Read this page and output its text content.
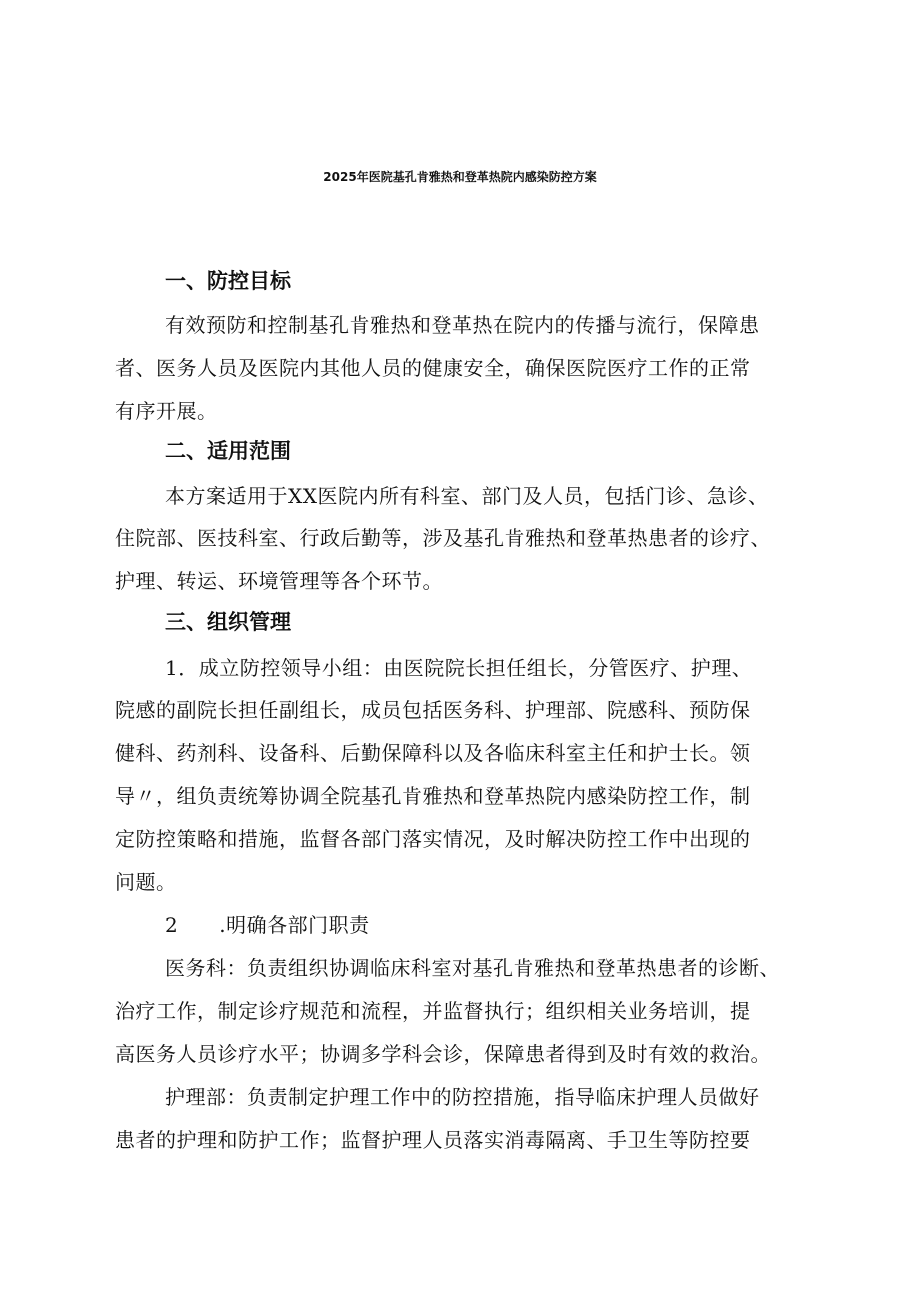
2025年医院基孔肯雅热和登革热院内感染防控方案
一、防控目标
有效预防和控制基孔肯雅热和登革热在院内的传播与流行，保障患
者、医务人员及医院内其他人员的健康安全，确保医院医疗工作的正常
有序开展。
二、适用范围
本方案适用于XX医院内所有科室、部门及人员，包括门诊、急诊、
住院部、医技科室、行政后勤等，涉及基孔肯雅热和登革热患者的诊疗、
护理、转运、环境管理等各个环节。
三、组织管理
1．成立防控领导小组：由医院院长担任组长，分管医疗、护理、
院感的副院长担任副组长，成员包括医务科、护理部、院感科、预防保
健科、药剂科、设备科、后勤保障科以及各临床科室主任和护士长。领
导〃，组负责统筹协调全院基孔肯雅热和登革热院内感染防控工作，制
定防控策略和措施，监督各部门落实情况，及时解决防控工作中出现的
问题。
2　　.明确各部门职责
医务科：负责组织协调临床科室对基孔肯雅热和登革热患者的诊断、
治疗工作，制定诊疗规范和流程，并监督执行；组织相关业务培训，提
高医务人员诊疗水平；协调多学科会诊，保障患者得到及时有效的救治。
护理部：负责制定护理工作中的防控措施，指导临床护理人员做好
患者的护理和防护工作；监督护理人员落实消毒隔离、手卫生等防控要
